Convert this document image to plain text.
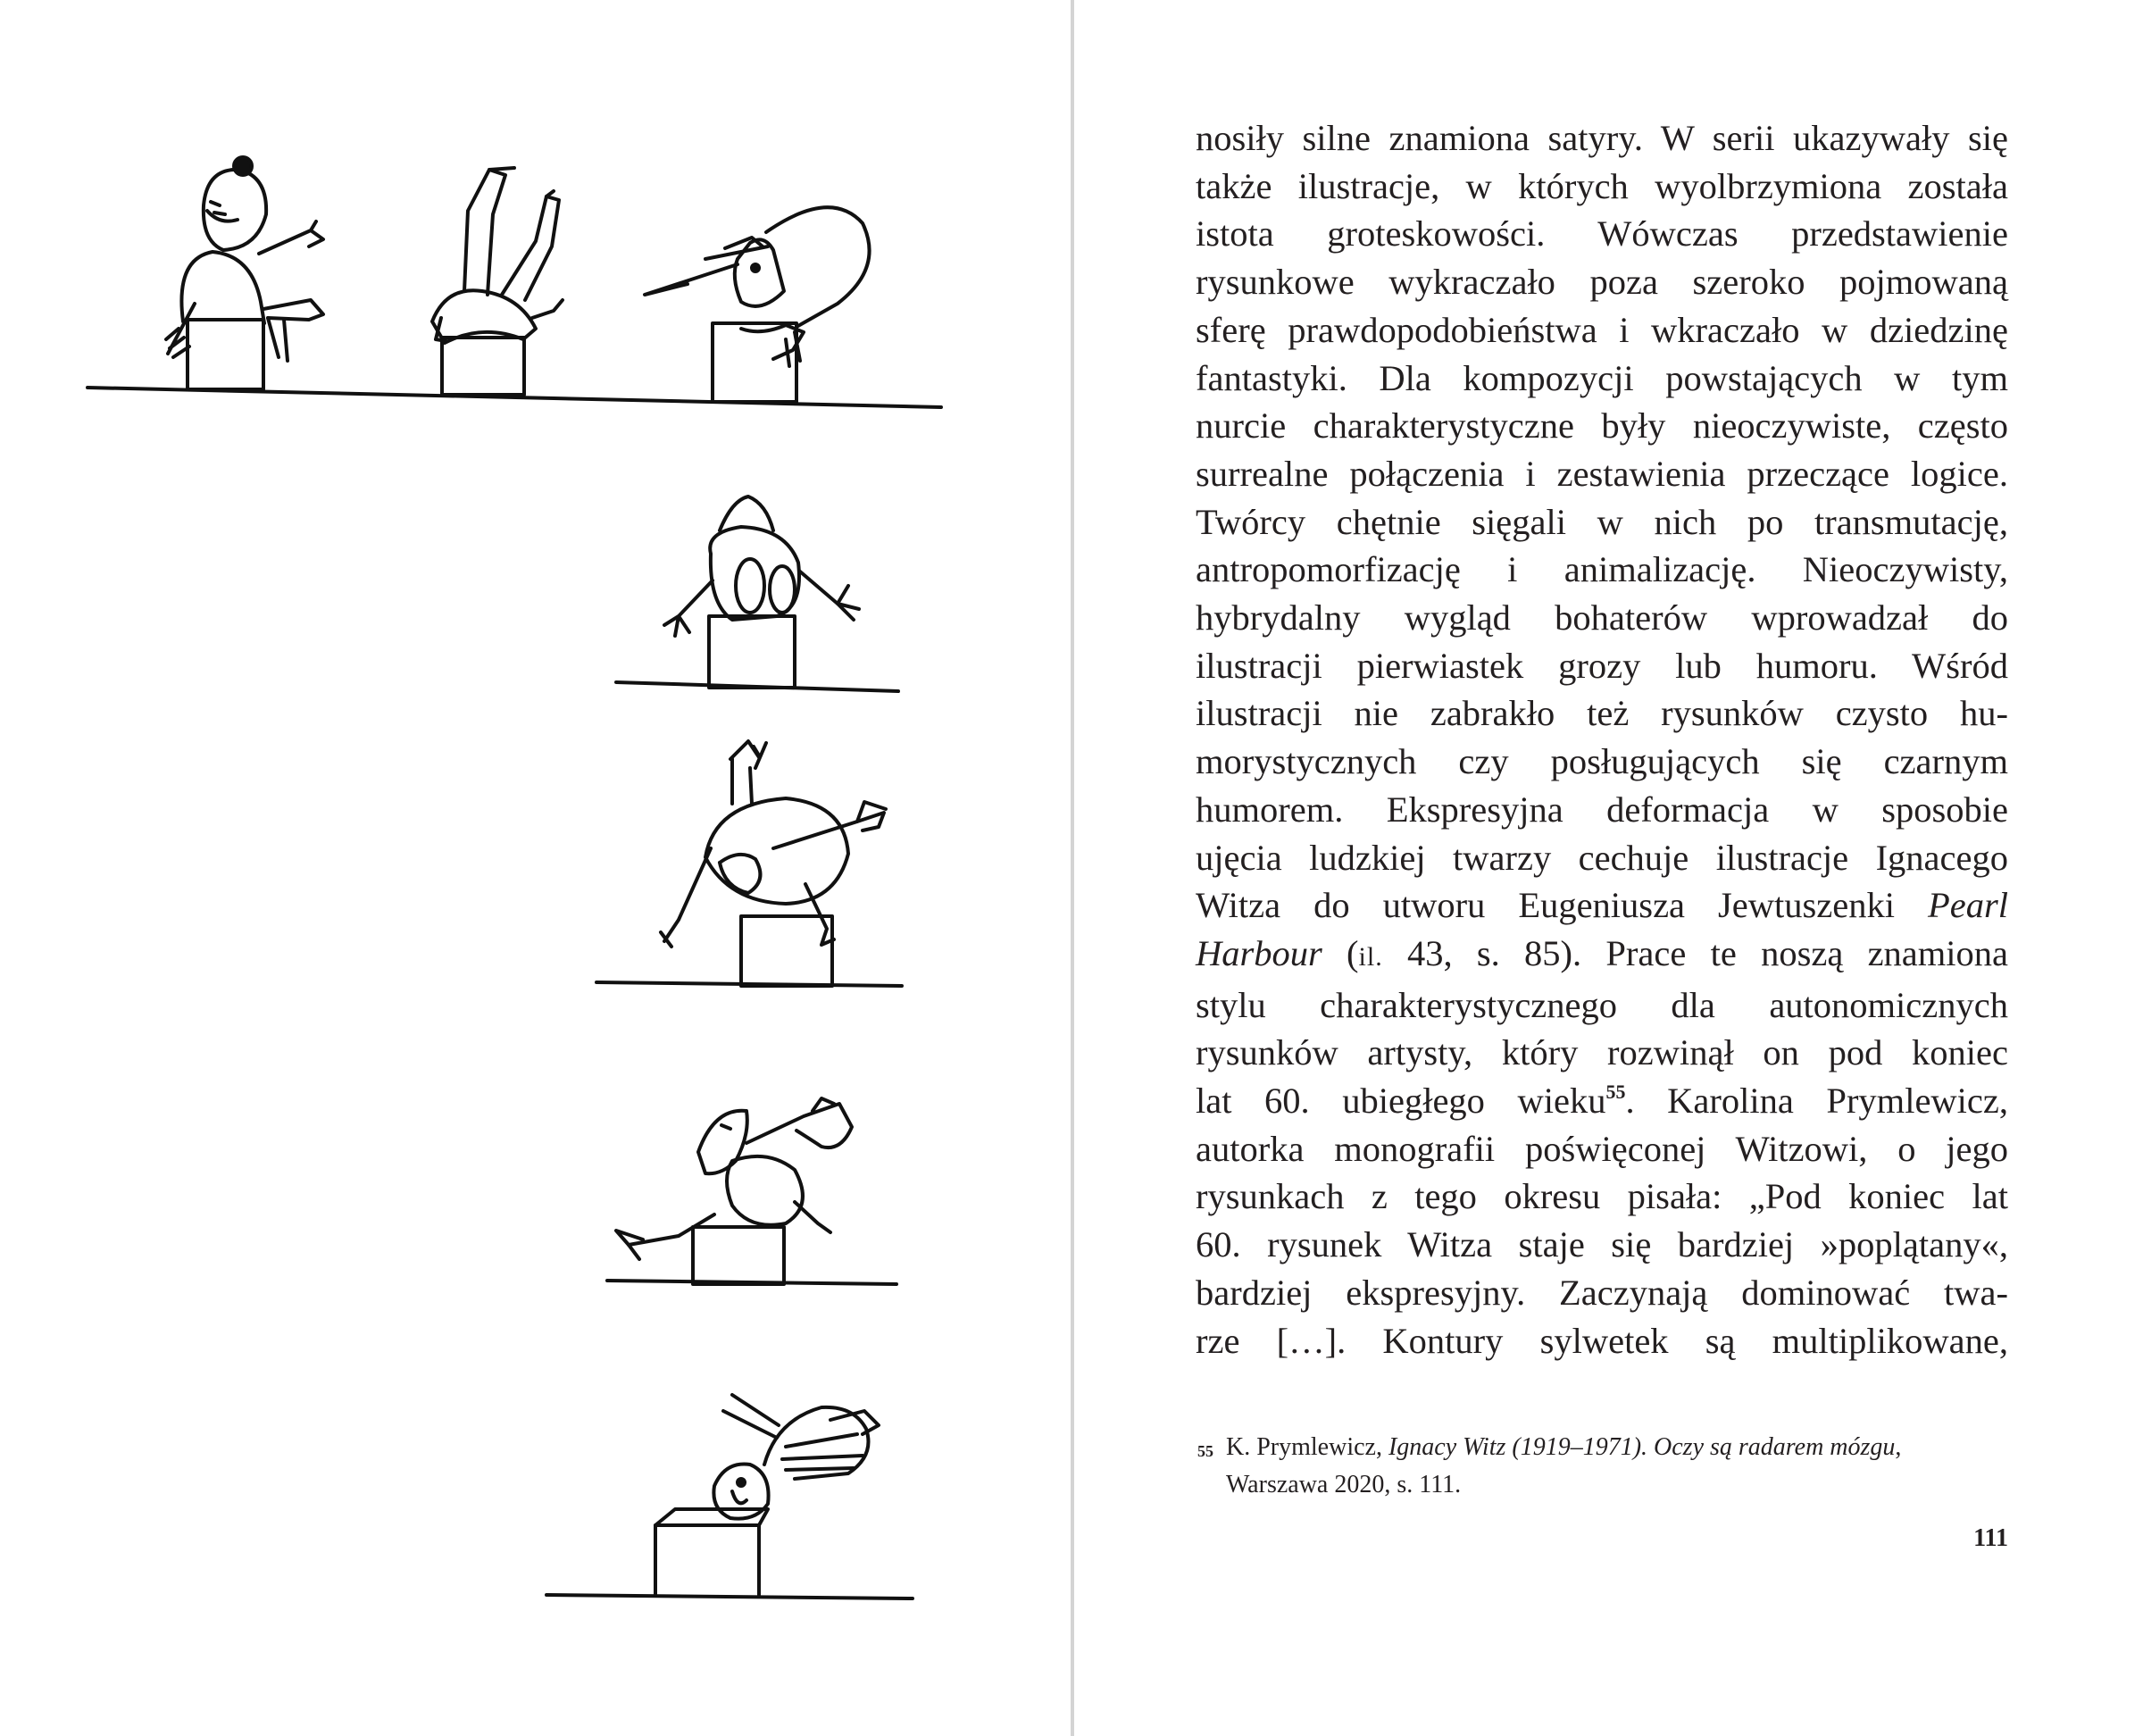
nosiły silne znamiona satyry. W serii ukazywały się
także ilustracje, w których wyolbrzymiona została
istota groteskowości. Wówczas przedstawienie
rysunkowe wykraczało poza szeroko pojmowaną
sferę prawdopodobieństwa i wkraczało w dziedzinę
fantastyki. Dla kompozycji powstających w tym
nurcie charakterystyczne były nieoczywiste, często
surrealne połączenia i zestawienia przeczące logice.
Twórcy chętnie sięgali w nich po transmutację,
antropomorfizację i animalizację. Nieoczywisty,
hybrydalny wygląd bohaterów wprowadzał do
ilustracji pierwiastek grozy lub humoru. Wśród
ilustracji nie zabrakło też rysunków czysto hu-
morystycznych czy posługujących się czarnym
humorem. Ekspresyjna deformacja w sposobie
ujęcia ludzkiej twarzy cechuje ilustracje Ignacego
Witza do utworu Eugeniusza Jewtuszenki Pearl
Harbour (il. 43, s. 85). Prace te noszą znamiona
stylu charakterystycznego dla autonomicznych
rysunków artysty, który rozwinął on pod koniec
lat 60. ubiegłego wieku$^{55}$. Karolina Prymlewicz,
autorka monografii poświęconej Witzowi, o jego
rysunkach z tego okresu pisała: „Pod koniec lat
60. rysunek Witza staje się bardziej »poplątany«,
bardziej ekspresyjny. Zaczynają dominować twa-
rze […]. Kontury sylwetek są multiplikowane,
55 K. Prymlewicz, Ignacy Witz (1919–1971). Oczy są radarem mózgu,
Warszawa 2020, s. 111.
111
